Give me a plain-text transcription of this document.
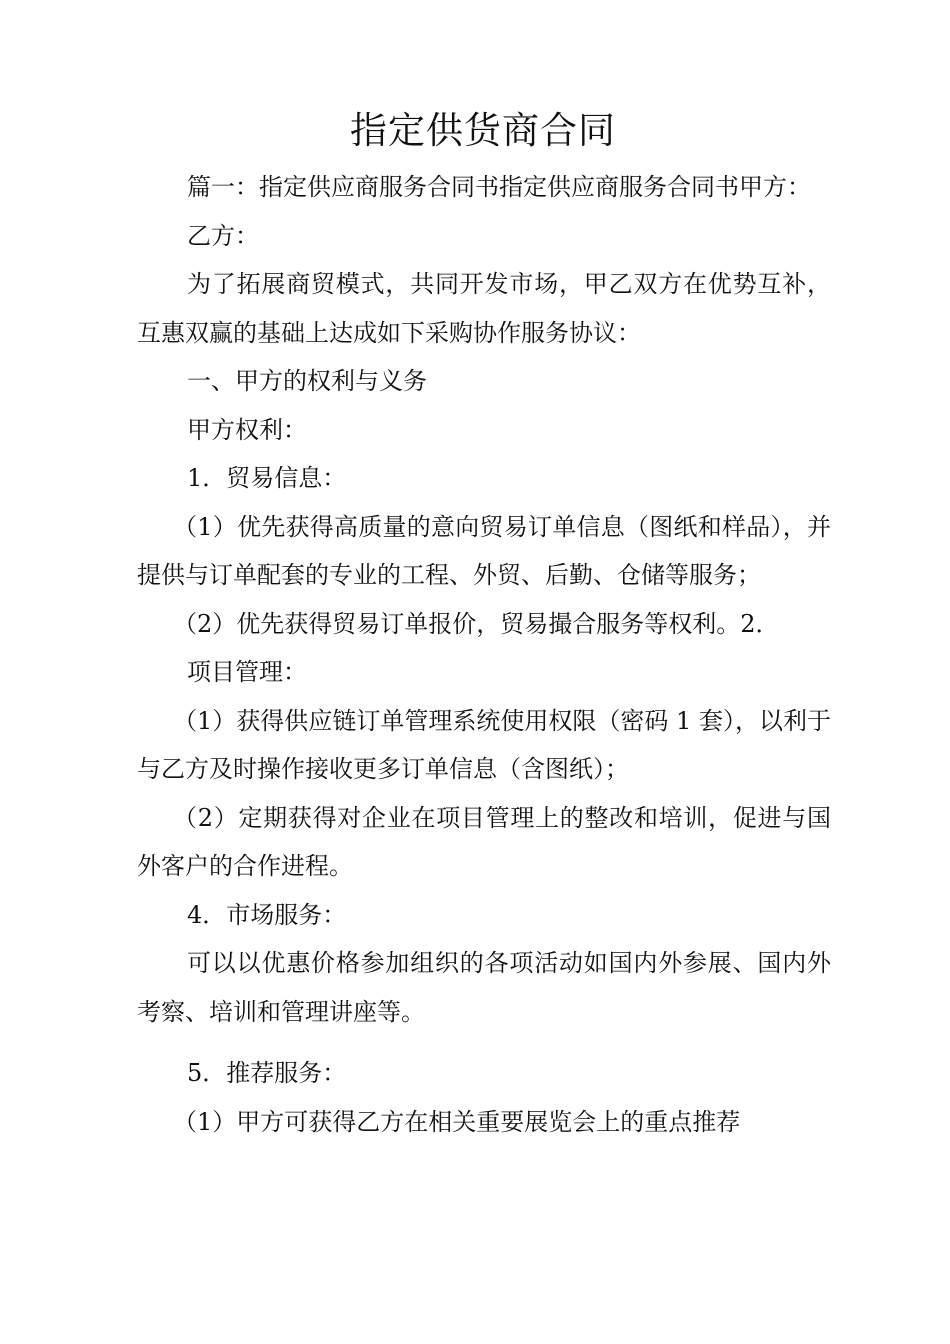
指定供货商合同

篇一：指定供应商服务合同书指定供应商服务合同书甲方：

乙方：

为了拓展商贸模式，共同开发市场，甲乙双方在优势互补，互惠双赢的基础上达成如下采购协作服务协议：

一、甲方的权利与义务

甲方权利：

1．贸易信息：

（1）优先获得高质量的意向贸易订单信息（图纸和样品），并提供与订单配套的专业的工程、外贸、后勤、仓储等服务；

（2）优先获得贸易订单报价，贸易撮合服务等权利。2．

项目管理：

（1）获得供应链订单管理系统使用权限（密码 1 套），以利于与乙方及时操作接收更多订单信息（含图纸）；

（2）定期获得对企业在项目管理上的整改和培训，促进与国外客户的合作进程。

4．市场服务：

可以以优惠价格参加组织的各项活动如国内外参展、国内外考察、培训和管理讲座等。

5．推荐服务：

（1）甲方可获得乙方在相关重要展览会上的重点推荐
